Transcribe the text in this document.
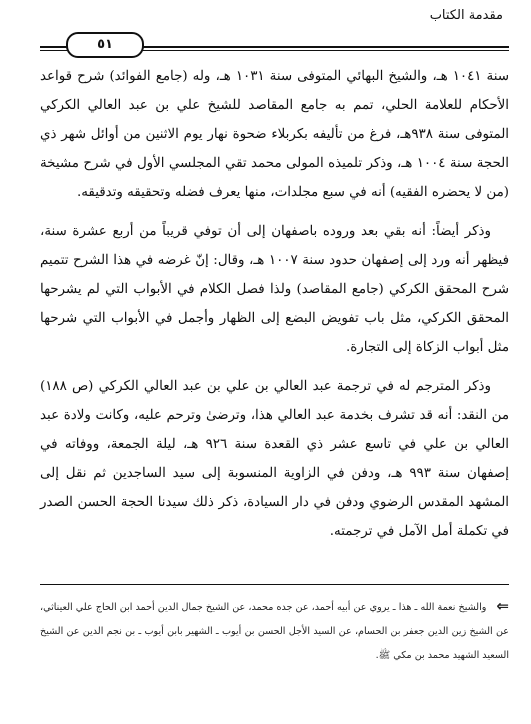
مقدمة الكتاب
٥١

سنة ١٠٤١ هـ، والشيخ البهائي المتوفى سنة ١٠٣١ هـ، وله (جامع الفوائد) شرح قواعد الأحكام للعلامة الحلي، تمم به جامع المقاصد للشيخ علي بن عبد العالي الكركي المتوفى سنة ٩٣٨هـ، فرغ من تأليفه بكربلاء ضحوة نهار يوم الاثنين من أوائل شهر ذي الحجة سنة ١٠٠٤ هـ، وذكر تلميذه المولى محمد تقي المجلسي الأول في شرح مشيخة (من لا يحضره الفقيه) أنه في سبع مجلدات، منها يعرف فضله وتحقيقه وتدقيقه.

وذكر أيضاً: أنه بقي بعد وروده باصفهان إلى أن توفي قريباً من أربع عشرة سنة، فيظهر أنه ورد إلى إصفهان حدود سنة ١٠٠٧ هـ، وقال: إنّ غرضه في هذا الشرح تتميم شرح المحقق الكركي (جامع المقاصد) ولذا فصل الكلام في الأبواب التي لم يشرحها المحقق الكركي، مثل باب تفويض البضع إلى الظهار وأجمل في الأبواب التي شرحها مثل أبواب الزكاة إلى التجارة.

وذكر المترجم له في ترجمة عبد العالي بن علي بن عبد العالي الكركي (ص ١٨٨) من النقد: أنه قد تشرف بخدمة عبد العالي هذا، وترضىٰ وترحم عليه، وكانت ولادة عبد العالي بن علي في تاسع عشر ذي القعدة سنة ٩٢٦ هـ، ليلة الجمعة، ووفاته في إصفهان سنة ٩٩٣ هـ، ودفن في الزاوية المنسوبة إلى سيد الساجدين ثم نقل إلى المشهد المقدس الرضوي ودفن في دار السيادة، ذكر ذلك سيدنا الحجة الحسن الصدر في تكملة أمل الآمل في ترجمته.

⇐والشيخ نعمة الله ـ هذا ـ يروي عن أبيه أحمد، عن جده محمد، عن الشيخ جمال الدين أحمد ابن الحاج علي العيناثي، عن الشيخ زين الدين جعفر بن الحسام، عن السيد الأجل الحسن بن أيوب ـ الشهير بابن أيوب ـ بن نجم الدين عن الشيخ السعيد الشهيد محمد بن مكي ﷺ.
